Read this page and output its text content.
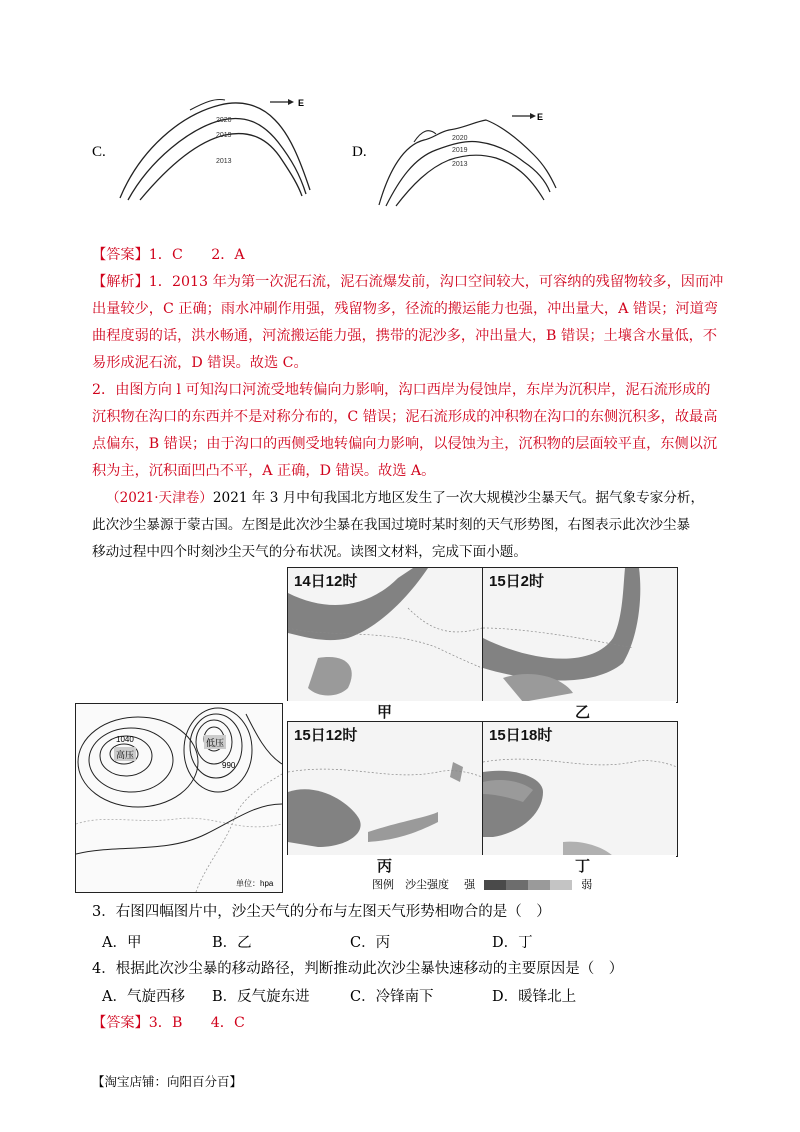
C.
E
2020
2019
2013
D.
E
2020
2019
2013
【答案】1．C　　2．A
【解析】1．2013 年为第一次泥石流，泥石流爆发前，沟口空间较大，可容纳的残留物较多，因而冲
出量较少，C 正确；雨水冲刷作用强，残留物多，径流的搬运能力也强，冲出量大，A 错误；河道弯
曲程度弱的话，洪水畅通，河流搬运能力强，携带的泥沙多，冲出量大，B 错误；土壤含水量低，不
易形成泥石流，D 错误。故选 C。
2．由图方向 l 可知沟口河流受地转偏向力影响，沟口西岸为侵蚀岸，东岸为沉积岸，泥石流形成的
沉积物在沟口的东西并不是对称分布的，C 错误；泥石流形成的冲积物在沟口的东侧沉积多，故最高
点偏东，B 错误；由于沟口的西侧受地转偏向力影响，以侵蚀为主，沉积物的层面较平直，东侧以沉
积为主，沉积面凹凸不平，A 正确，D 错误。故选 A。
（2021·天津卷）2021 年 3 月中旬我国北方地区发生了一次大规模沙尘暴天气。据气象专家分析，
此次沙尘暴源于蒙古国。左图是此次沙尘暴在我国过境时某时刻的天气形势图，右图表示此次沙尘暴
移动过程中四个时刻沙尘天气的分布状况。读图文材料，完成下面小题。
1040
高压
低压
990
单位：hpa
14日12时	15日2时
15日12时	15日18时
甲	乙
丙	丁
图例 沙尘强度 强	弱
3．右图四幅图片中，沙尘天气的分布与左图天气形势相吻合的是（　）
A．甲	B．乙	C．丙	D．丁
4．根据此次沙尘暴的移动路径，判断推动此次沙尘暴快速移动的主要原因是（　）
A．气旋西移 B．反气旋东进	C．冷锋南下	D．暖锋北上
【答案】3．B　　4．C
【淘宝店铺：向阳百分百】
